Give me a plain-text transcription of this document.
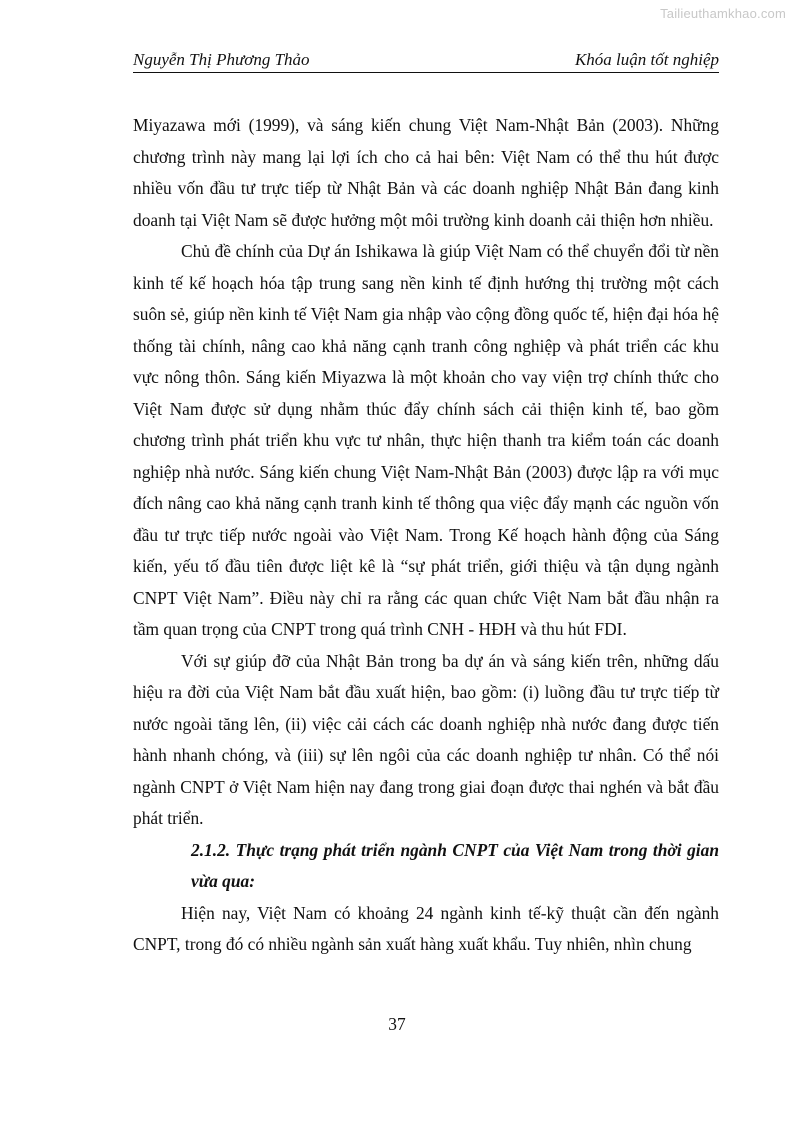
Tailieuthamkhao.com
Nguyễn Thị Phương Thảo	Khóa luận tốt nghiệp

Miyazawa mới (1999), và sáng kiến chung Việt Nam-Nhật Bản (2003). Những chương trình này mang lại lợi ích cho cả hai bên: Việt Nam có thể thu hút được nhiều vốn đầu tư trực tiếp từ Nhật Bản và các doanh nghiệp Nhật Bản đang kinh doanh tại Việt Nam sẽ được hưởng một môi trường kinh doanh cải thiện hơn nhiều.

Chủ đề chính của Dự án Ishikawa là giúp Việt Nam có thể chuyển đổi từ nền kinh tế kế hoạch hóa tập trung sang nền kinh tế định hướng thị trường một cách suôn sẻ, giúp nền kinh tế Việt Nam gia nhập vào cộng đồng quốc tế, hiện đại hóa hệ thống tài chính, nâng cao khả năng cạnh tranh công nghiệp và phát triển các khu vực nông thôn. Sáng kiến Miyazwa là một khoản cho vay viện trợ chính thức cho Việt Nam được sử dụng nhằm thúc đẩy chính sách cải thiện kinh tế, bao gồm chương trình phát triển khu vực tư nhân, thực hiện thanh tra kiểm toán các doanh nghiệp nhà nước. Sáng kiến chung Việt Nam-Nhật Bản (2003) được lập ra với mục đích nâng cao khả năng cạnh tranh kinh tế thông qua việc đẩy mạnh các nguồn vốn đầu tư trực tiếp nước ngoài vào Việt Nam. Trong Kế hoạch hành động của Sáng kiến, yếu tố đầu tiên được liệt kê là “sự phát triển, giới thiệu và tận dụng ngành CNPT Việt Nam”. Điều này chỉ ra rằng các quan chức Việt Nam bắt đầu nhận ra tầm quan trọng của CNPT trong quá trình CNH - HĐH và thu hút FDI.

Với sự giúp đỡ của Nhật Bản trong ba dự án và sáng kiến trên, những dấu hiệu ra đời của Việt Nam bắt đầu xuất hiện, bao gồm: (i) luồng đầu tư trực tiếp từ nước ngoài tăng lên, (ii) việc cải cách các doanh nghiệp nhà nước đang được tiến hành nhanh chóng, và (iii) sự lên ngôi của các doanh nghiệp tư nhân. Có thể nói ngành CNPT ở Việt Nam hiện nay đang trong giai đoạn được thai nghén và bắt đầu phát triển.

2.1.2. Thực trạng phát triển ngành CNPT của Việt Nam trong thời gian vừa qua:

Hiện nay, Việt Nam có khoảng 24 ngành kinh tế-kỹ thuật cần đến ngành CNPT, trong đó có nhiều ngành sản xuất hàng xuất khẩu. Tuy nhiên, nhìn chung

37
